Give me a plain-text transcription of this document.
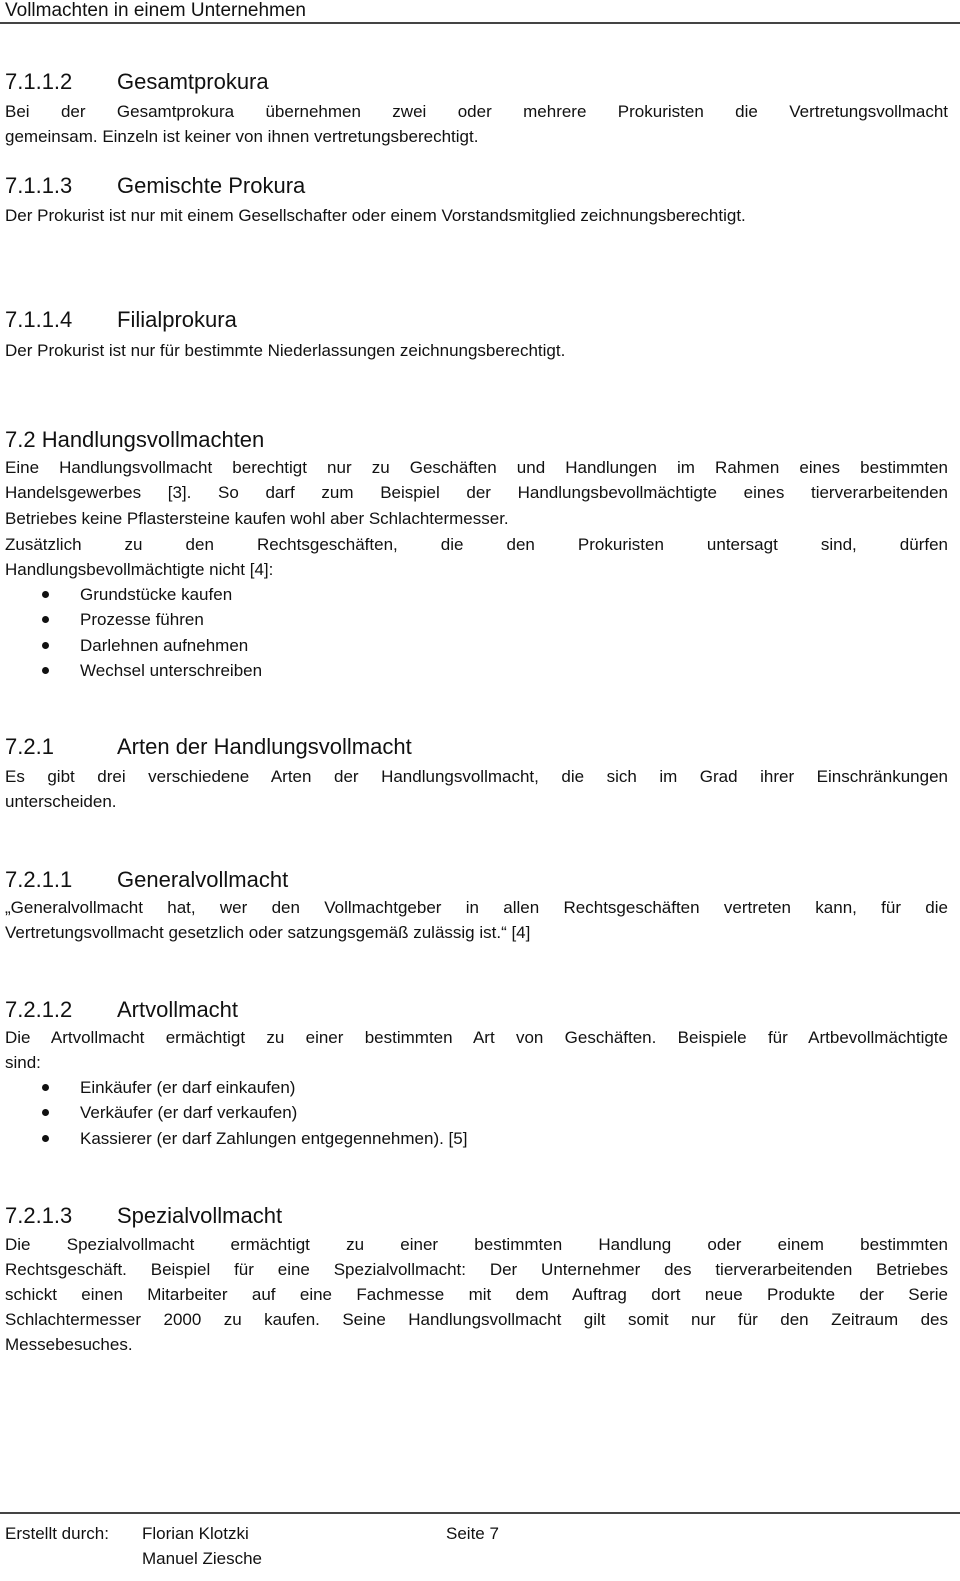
Vollmachten in einem Unternehmen
7.1.1.2 Gesamtprokura
Bei der Gesamtprokura übernehmen zwei oder mehrere Prokuristen die Vertretungsvollmacht
gemeinsam. Einzeln ist keiner von ihnen vertretungsberechtigt.
7.1.1.3 Gemischte Prokura
Der Prokurist ist nur mit einem Gesellschafter oder einem Vorstandsmitglied zeichnungsberechtigt.
7.1.1.4 Filialprokura
Der Prokurist ist nur für bestimmte Niederlassungen zeichnungsberechtigt.
7.2 Handlungsvollmachten
Eine Handlungsvollmacht berechtigt nur zu Geschäften und Handlungen im Rahmen eines bestimmten
Handelsgewerbes [3]. So darf zum Beispiel der Handlungsbevollmächtigte eines tierverarbeitenden
Betriebes keine Pflastersteine kaufen wohl aber Schlachtermesser.
Zusätzlich zu den Rechtsgeschäften, die den Prokuristen untersagt sind, dürfen
Handlungsbevollmächtigte nicht [4]:
Grundstücke kaufen
Prozesse führen
Darlehnen aufnehmen
Wechsel unterschreiben
7.2.1	Arten der Handlungsvollmacht
Es gibt drei verschiedene Arten der Handlungsvollmacht, die sich im Grad ihrer Einschränkungen
unterscheiden.
7.2.1.1 Generalvollmacht
„Generalvollmacht hat, wer den Vollmachtgeber in allen Rechtsgeschäften vertreten kann, für die
Vertretungsvollmacht gesetzlich oder satzungsgemäß zulässig ist.“ [4]
7.2.1.2 Artvollmacht
Die Artvollmacht ermächtigt zu einer bestimmten Art von Geschäften. Beispiele für Artbevollmächtigte
sind:
Einkäufer (er darf einkaufen)
Verkäufer (er darf verkaufen)
Kassierer (er darf Zahlungen entgegennehmen). [5]
7.2.1.3 Spezialvollmacht
Die Spezialvollmacht ermächtigt zu einer bestimmten Handlung oder einem bestimmten
Rechtsgeschäft. Beispiel für eine Spezialvollmacht: Der Unternehmer des tierverarbeitenden Betriebes
schickt einen Mitarbeiter auf eine Fachmesse mit dem Auftrag dort neue Produkte der Serie
Schlachtermesser 2000 zu kaufen. Seine Handlungsvollmacht gilt somit nur für den Zeitraum des
Messebesuches.
Erstellt durch: Florian Klotzki
Manuel Ziesche
Seite 7
